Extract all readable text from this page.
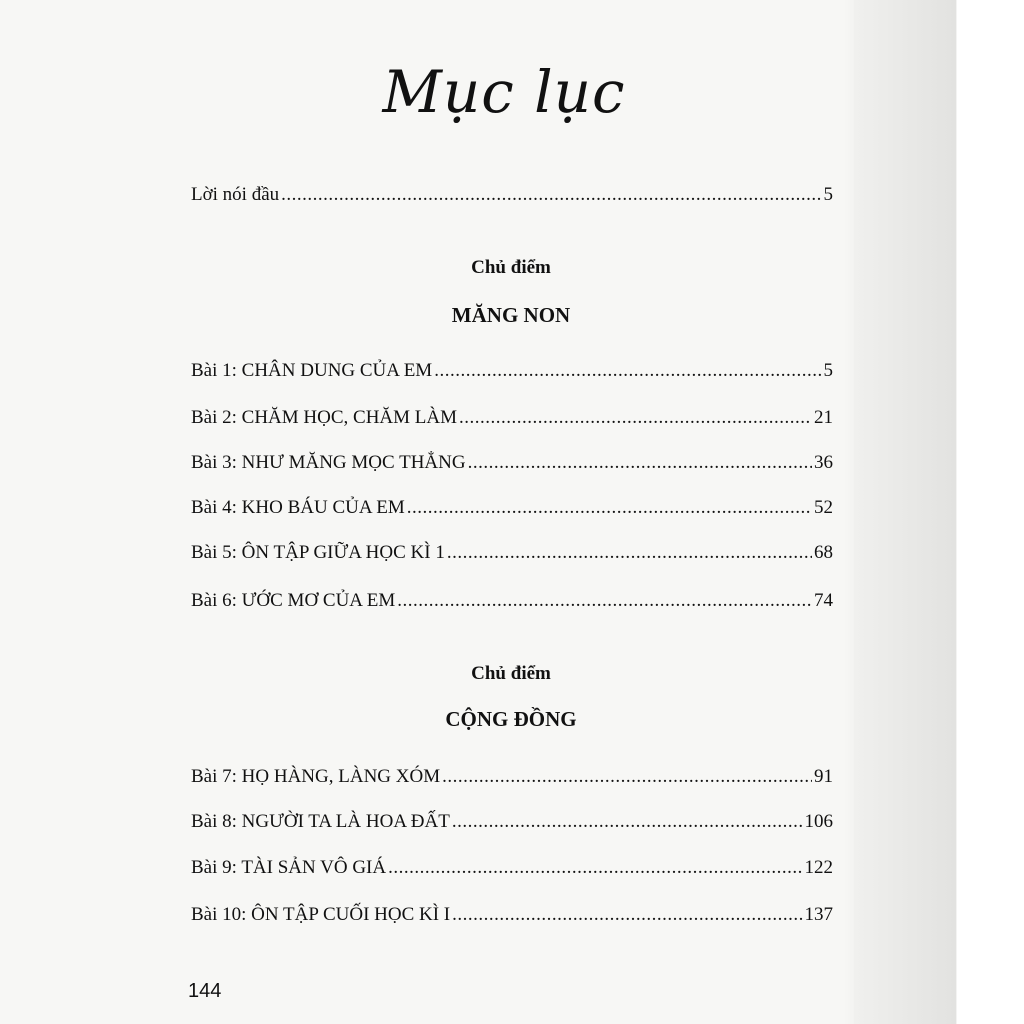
Mục lục
Lời nói đầu .....	5
Chủ điểm
MĂNG NON
Bài 1: CHÂN DUNG CỦA EM .....	5
Bài 2: CHĂM HỌC, CHĂM LÀM .....	21
Bài 3: NHƯ MĂNG MỌC THẲNG .....	36
Bài 4: KHO BÁU CỦA EM .....	52
Bài 5: ÔN TẬP GIỮA HỌC KÌ 1 .....	68
Bài 6: ƯỚC MƠ CỦA EM .....	74
Chủ điểm
CỘNG ĐỒNG
Bài 7: HỌ HÀNG, LÀNG XÓM .....	91
Bài 8: NGƯỜI TA LÀ HOA ĐẤT .....	106
Bài 9: TÀI SẢN VÔ GIÁ .....	122
Bài 10: ÔN TẬP CUỐI HỌC KÌ I .....	137
144
